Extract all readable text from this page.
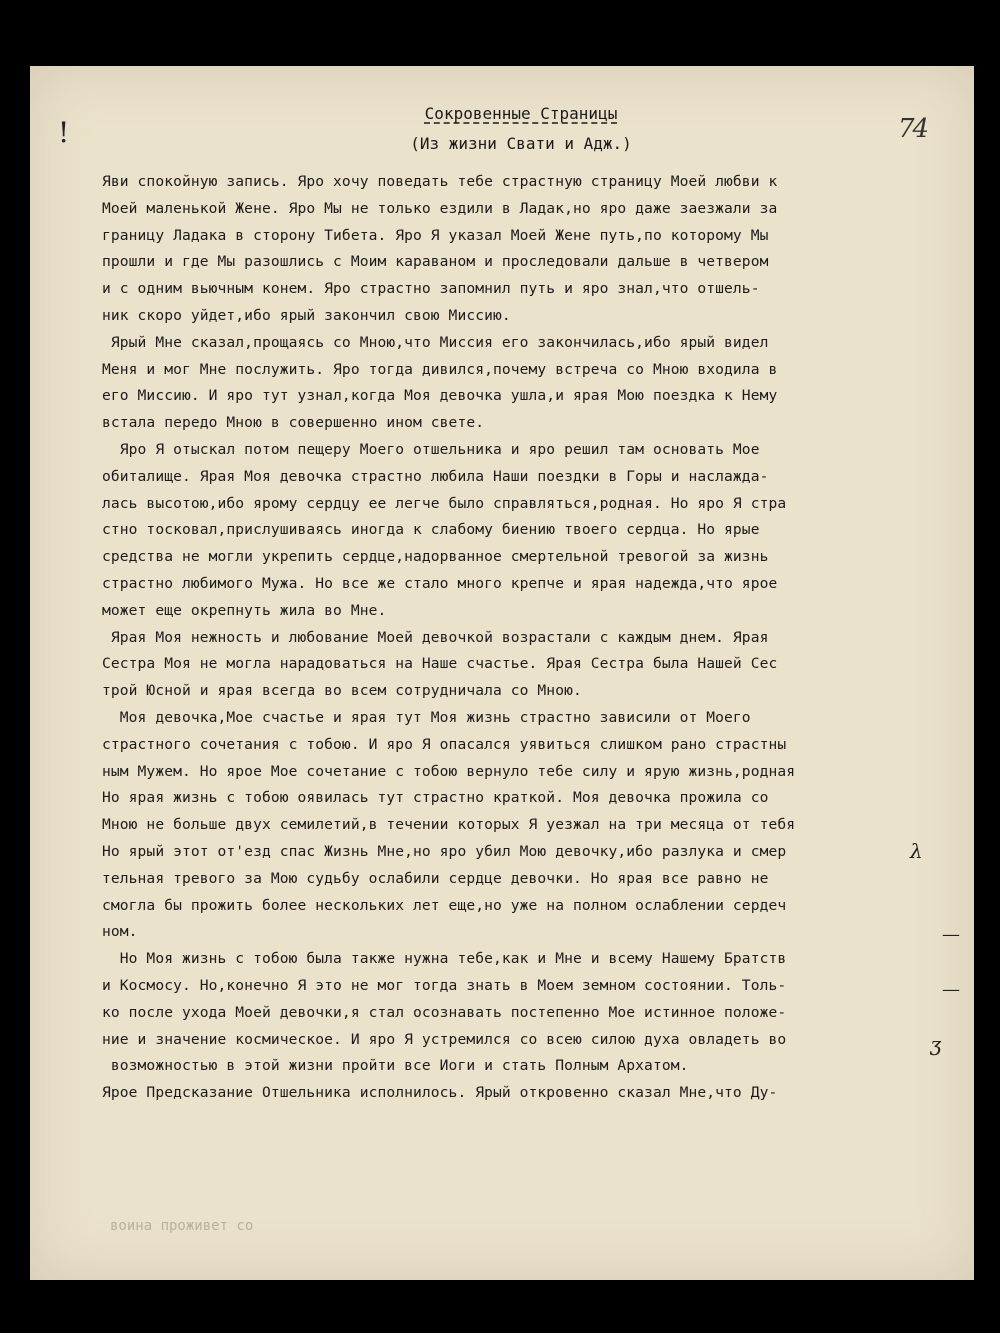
!	74
Сокровенные Страницы
(Из жизни Свати и Адж.)
Яви спокойную запись. Яро хочу поведать тебе страстную страницу Моей любви к
Моей маленькой Жене. Яро Мы не только ездили в Ладак,но яро даже заезжали за
границу Ладака в сторону Тибета. Яро Я указал Моей Жене путь,по которому Мы
прошли и где Мы разошлись с Моим караваном и проследовали дальше в четвером
и с одним вьючным конем. Яро страстно запомнил путь и яро знал,что отшель-
ник скоро уйдет,ибо ярый закончил свою Миссию.
Ярый Мне сказал,прощаясь со Мною,что Миссия его закончилась,ибо ярый видел
Меня и мог Мне послужить. Яро тогда дивился,почему встреча со Мною входила в
его Миссию. И яро тут узнал,когда Моя девочка ушла,и ярая Мою поездка к Нему
встала передо Мною в совершенно ином свете.
Яро Я отыскал потом пещеру Моего отшельника и яро решил там основать Мое
обиталище. Ярая Моя девочка страстно любила Наши поездки в Горы и наслажда-
лась высотою,ибо ярому сердцу ее легче было справляться,родная. Но яро Я стра
стно тосковал,прислушиваясь иногда к слабому биению твоего сердца. Но ярые
средства не могли укрепить сердце,надорванное смертельной тревогой за жизнь
страстно любимого Мужа. Но все же стало много крепче и ярая надежда,что ярое
может еще окрепнуть жила во Мне.
Ярая Моя нежность и любование Моей девочкой возрастали с каждым днем. Ярая
Сестра Моя не могла нарадоваться на Наше счастье. Ярая Сестра была Нашей Сес
трой Юсной и ярая всегда во всем сотрудничала со Мною.
Моя девочка,Мое счастье и ярая тут Моя жизнь страстно зависили от Моего
страстного сочетания с тобою. И яро Я опасался уявиться слишком рано страстны
ным Мужем. Но ярое Мое сочетание с тобою вернуло тебе силу и ярую жизнь,родная
Но ярая жизнь с тобою оявилась тут страстно краткой. Моя девочка прожила со
Мною не больше двух семилетий,в течении которых Я уезжал на три месяца от тебя
Но ярый этот от'езд спас Жизнь Мне,но яро убил Мою девочку,ибо разлука и смер
тельная тревого за Мою судьбу ослабили сердце девочки. Но ярая все равно не
смогла бы прожить более нескольких лет еще,но уже на полном ослаблении сердеч
ном.
Но Моя жизнь с тобою была также нужна тебе,как и Мне и всему Нашему Братств
и Космосу. Но,конечно Я это не мог тогда знать в Моем земном состоянии. Толь-
ко после ухода Моей девочки,я стал осознавать постепенно Мое истинное положе-
ние и значение космическое. И яро Я устремился со всею силою духа овладеть во
возможностью в этой жизни пройти все Иоги и стать Полным Архатом.
Ярое Предсказание Отшельника исполнилось. Ярый откровенно сказал Мне,что Ду-
воина проживет со
λ
—
—
ʒ
